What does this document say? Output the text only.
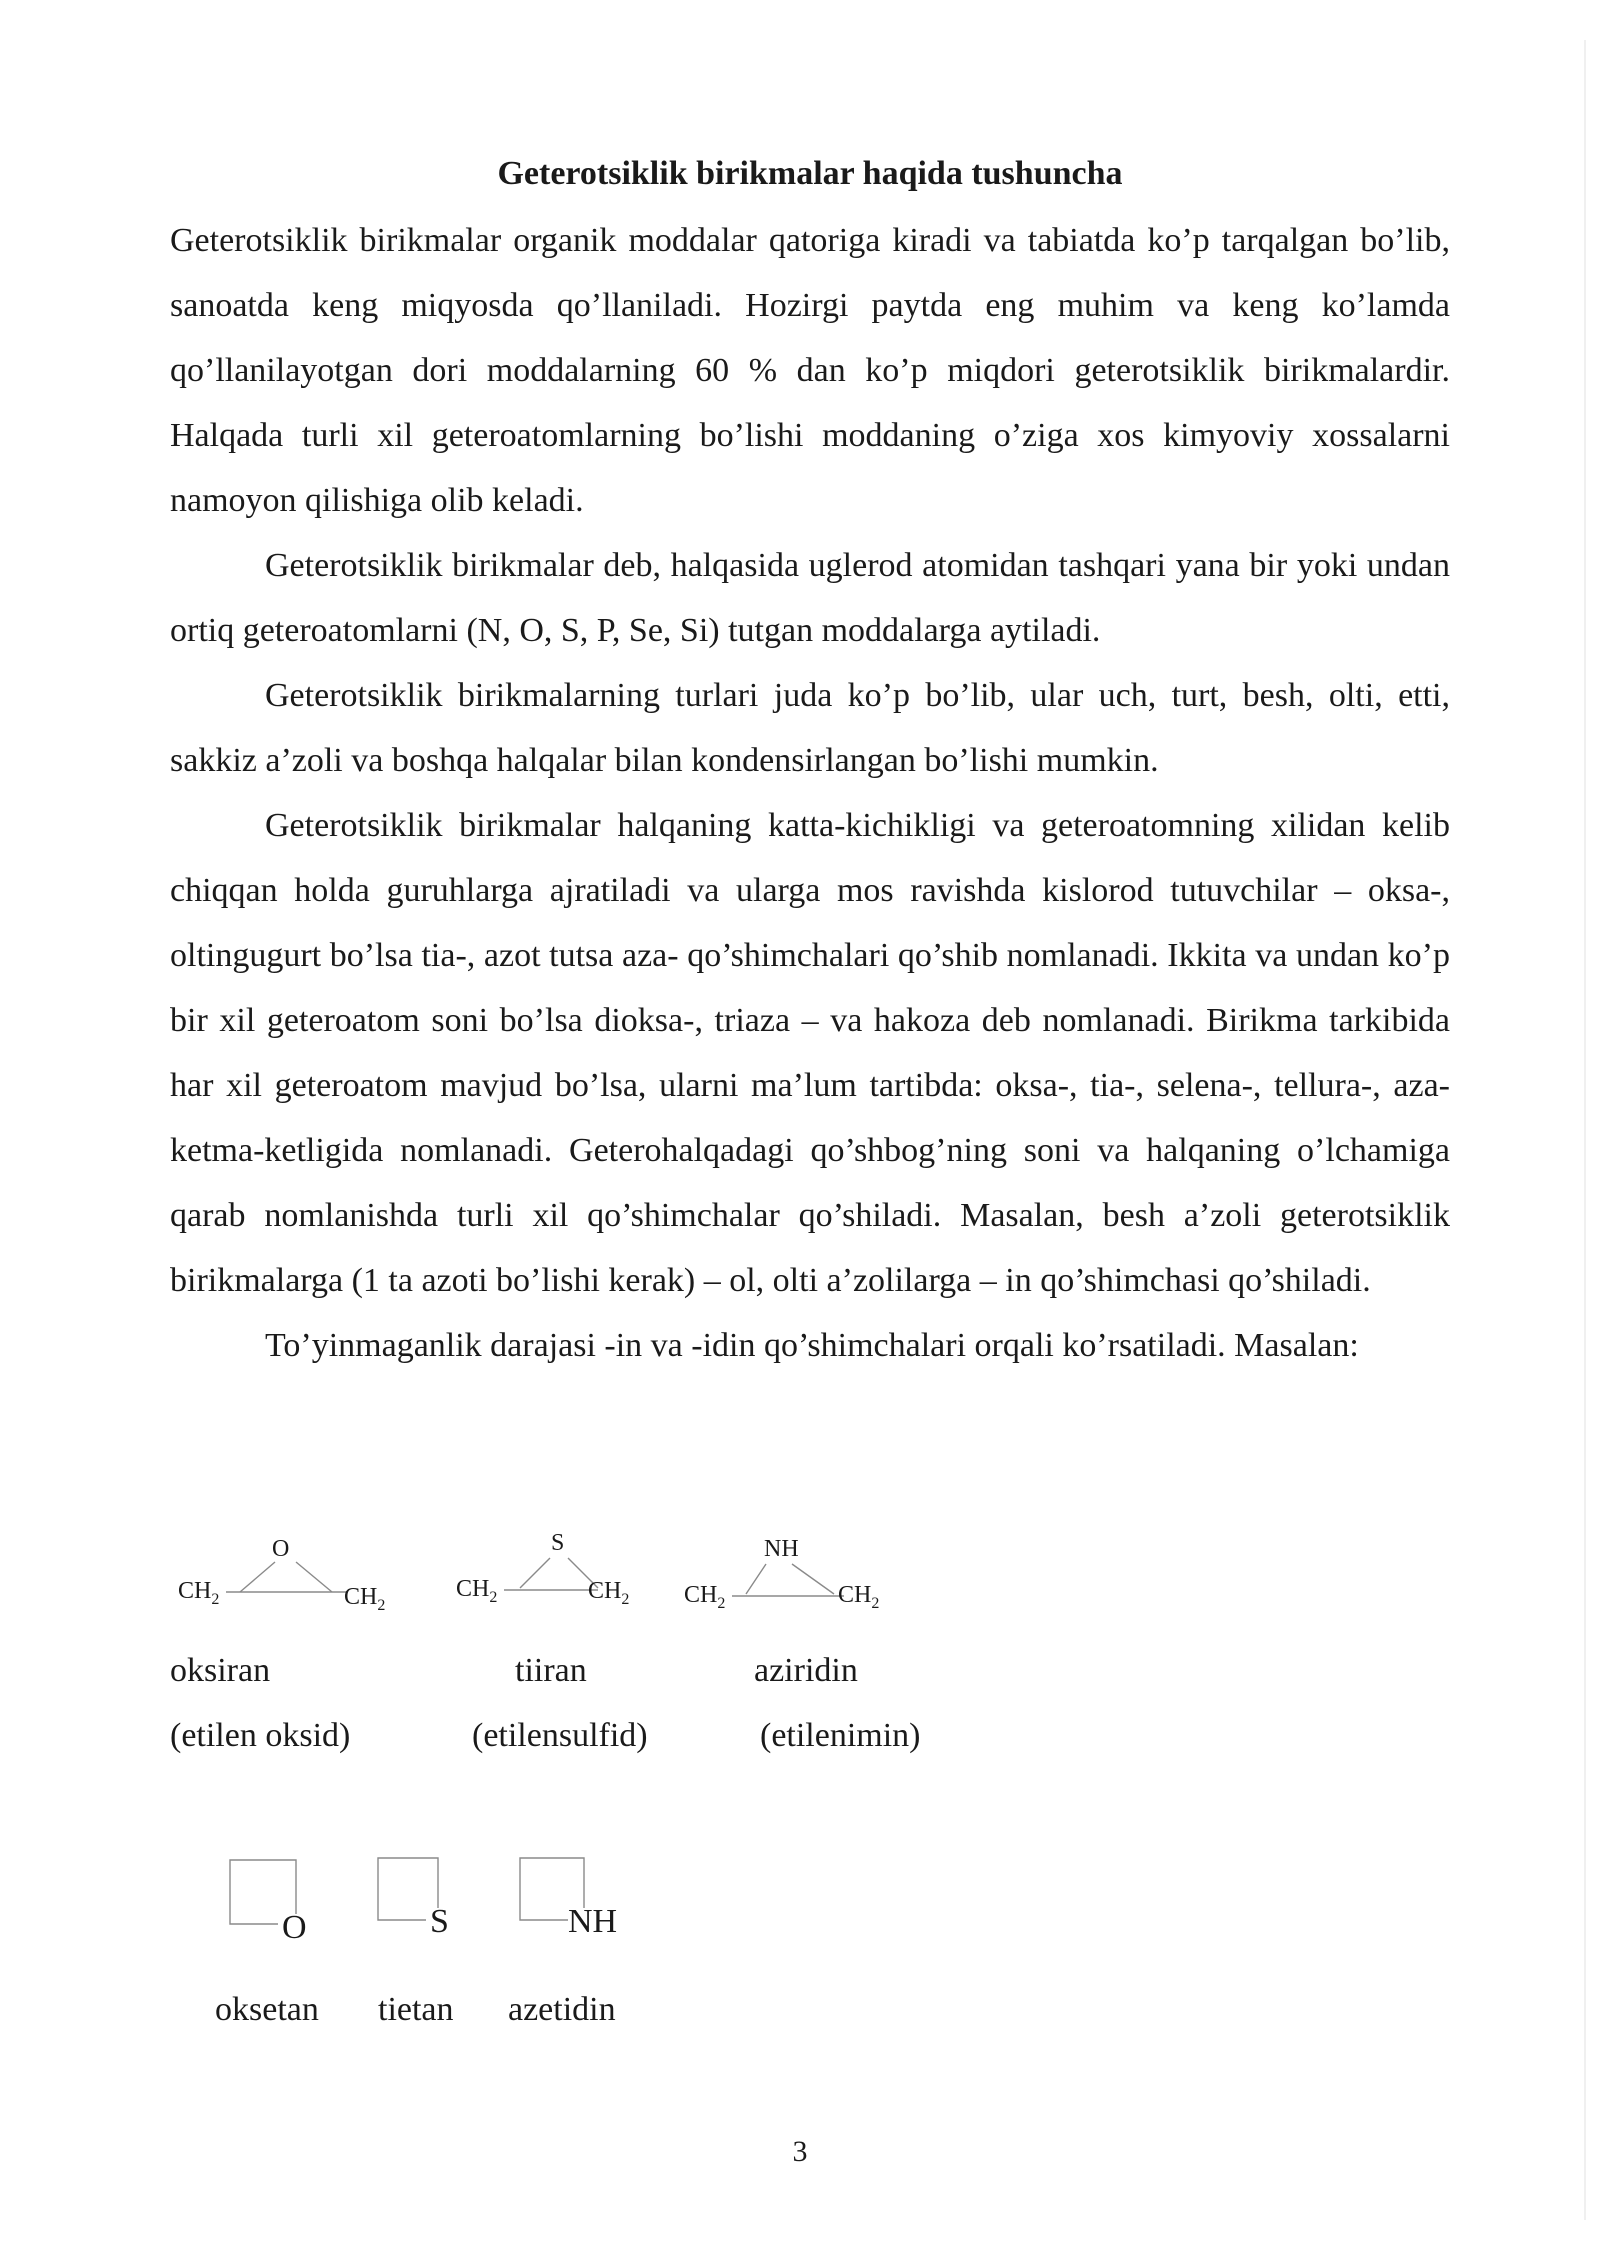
Geterotsiklik birikmalar haqida tushuncha

Geterotsiklik birikmalar organik moddalar qatoriga kiradi va tabiatda ko’p tarqalgan bo’lib, sanoatda keng miqyosda qo’llaniladi. Hozirgi paytda eng muhim va keng ko’lamda qo’llanilayotgan dori moddalarning 60 % dan ko’p miqdori geterotsiklik birikmalardir. Halqada turli xil geteroatomlarning bo’lishi moddaning o’ziga xos kimyoviy xossalarni namoyon qilishiga olib keladi.

Geterotsiklik birikmalar deb, halqasida uglerod atomidan tashqari yana bir yoki undan ortiq geteroatomlarni (N, O, S, P, Se, Si) tutgan moddalarga aytiladi.

Geterotsiklik birikmalarning turlari juda ko’p bo’lib, ular uch, turt, besh, olti, etti, sakkiz a’zoli va boshqa halqalar bilan kondensirlangan bo’lishi mumkin.

Geterotsiklik birikmalar halqaning katta-kichikligi va geteroatomning xilidan kelib chiqqan holda guruhlarga ajratiladi va ularga mos ravishda kislorod tutuvchilar – oksa-, oltingugurt bo’lsa tia-, azot tutsa aza- qo’shimchalari qo’shib nomlanadi. Ikkita va undan ko’p bir xil geteroatom soni bo’lsa dioksa-, triaza – va hakoza deb nomlanadi. Birikma tarkibida har xil geteroatom mavjud bo’lsa, ularni ma’lum tartibda: oksa-, tia-, selena-, tellura-, aza- ketma-ketligida nomlanadi. Geterohalqadagi qo’shbog’ning soni va halqaning o’lchamiga qarab nomlanishda turli xil qo’shimchalar qo’shiladi. Masalan, besh a’zoli geterotsiklik birikmalarga (1 ta azoti bo’lishi kerak) – ol, olti a’zolilarga – in qo’shimchasi qo’shiladi.

To’yinmaganlik darajasi -in va -idin qo’shimchalari orqali ko’rsatiladi. Masalan:

O
$CH_2$	$CH_2$
S
$CH_2$	$CH_2$
NH
$CH_2$	$CH_2$
oksiran	tiiran	aziridin
(etilen oksid)	(etilensulfid)	(etilenimin)
O	S	NH
oksetan tietan azetidin
3
